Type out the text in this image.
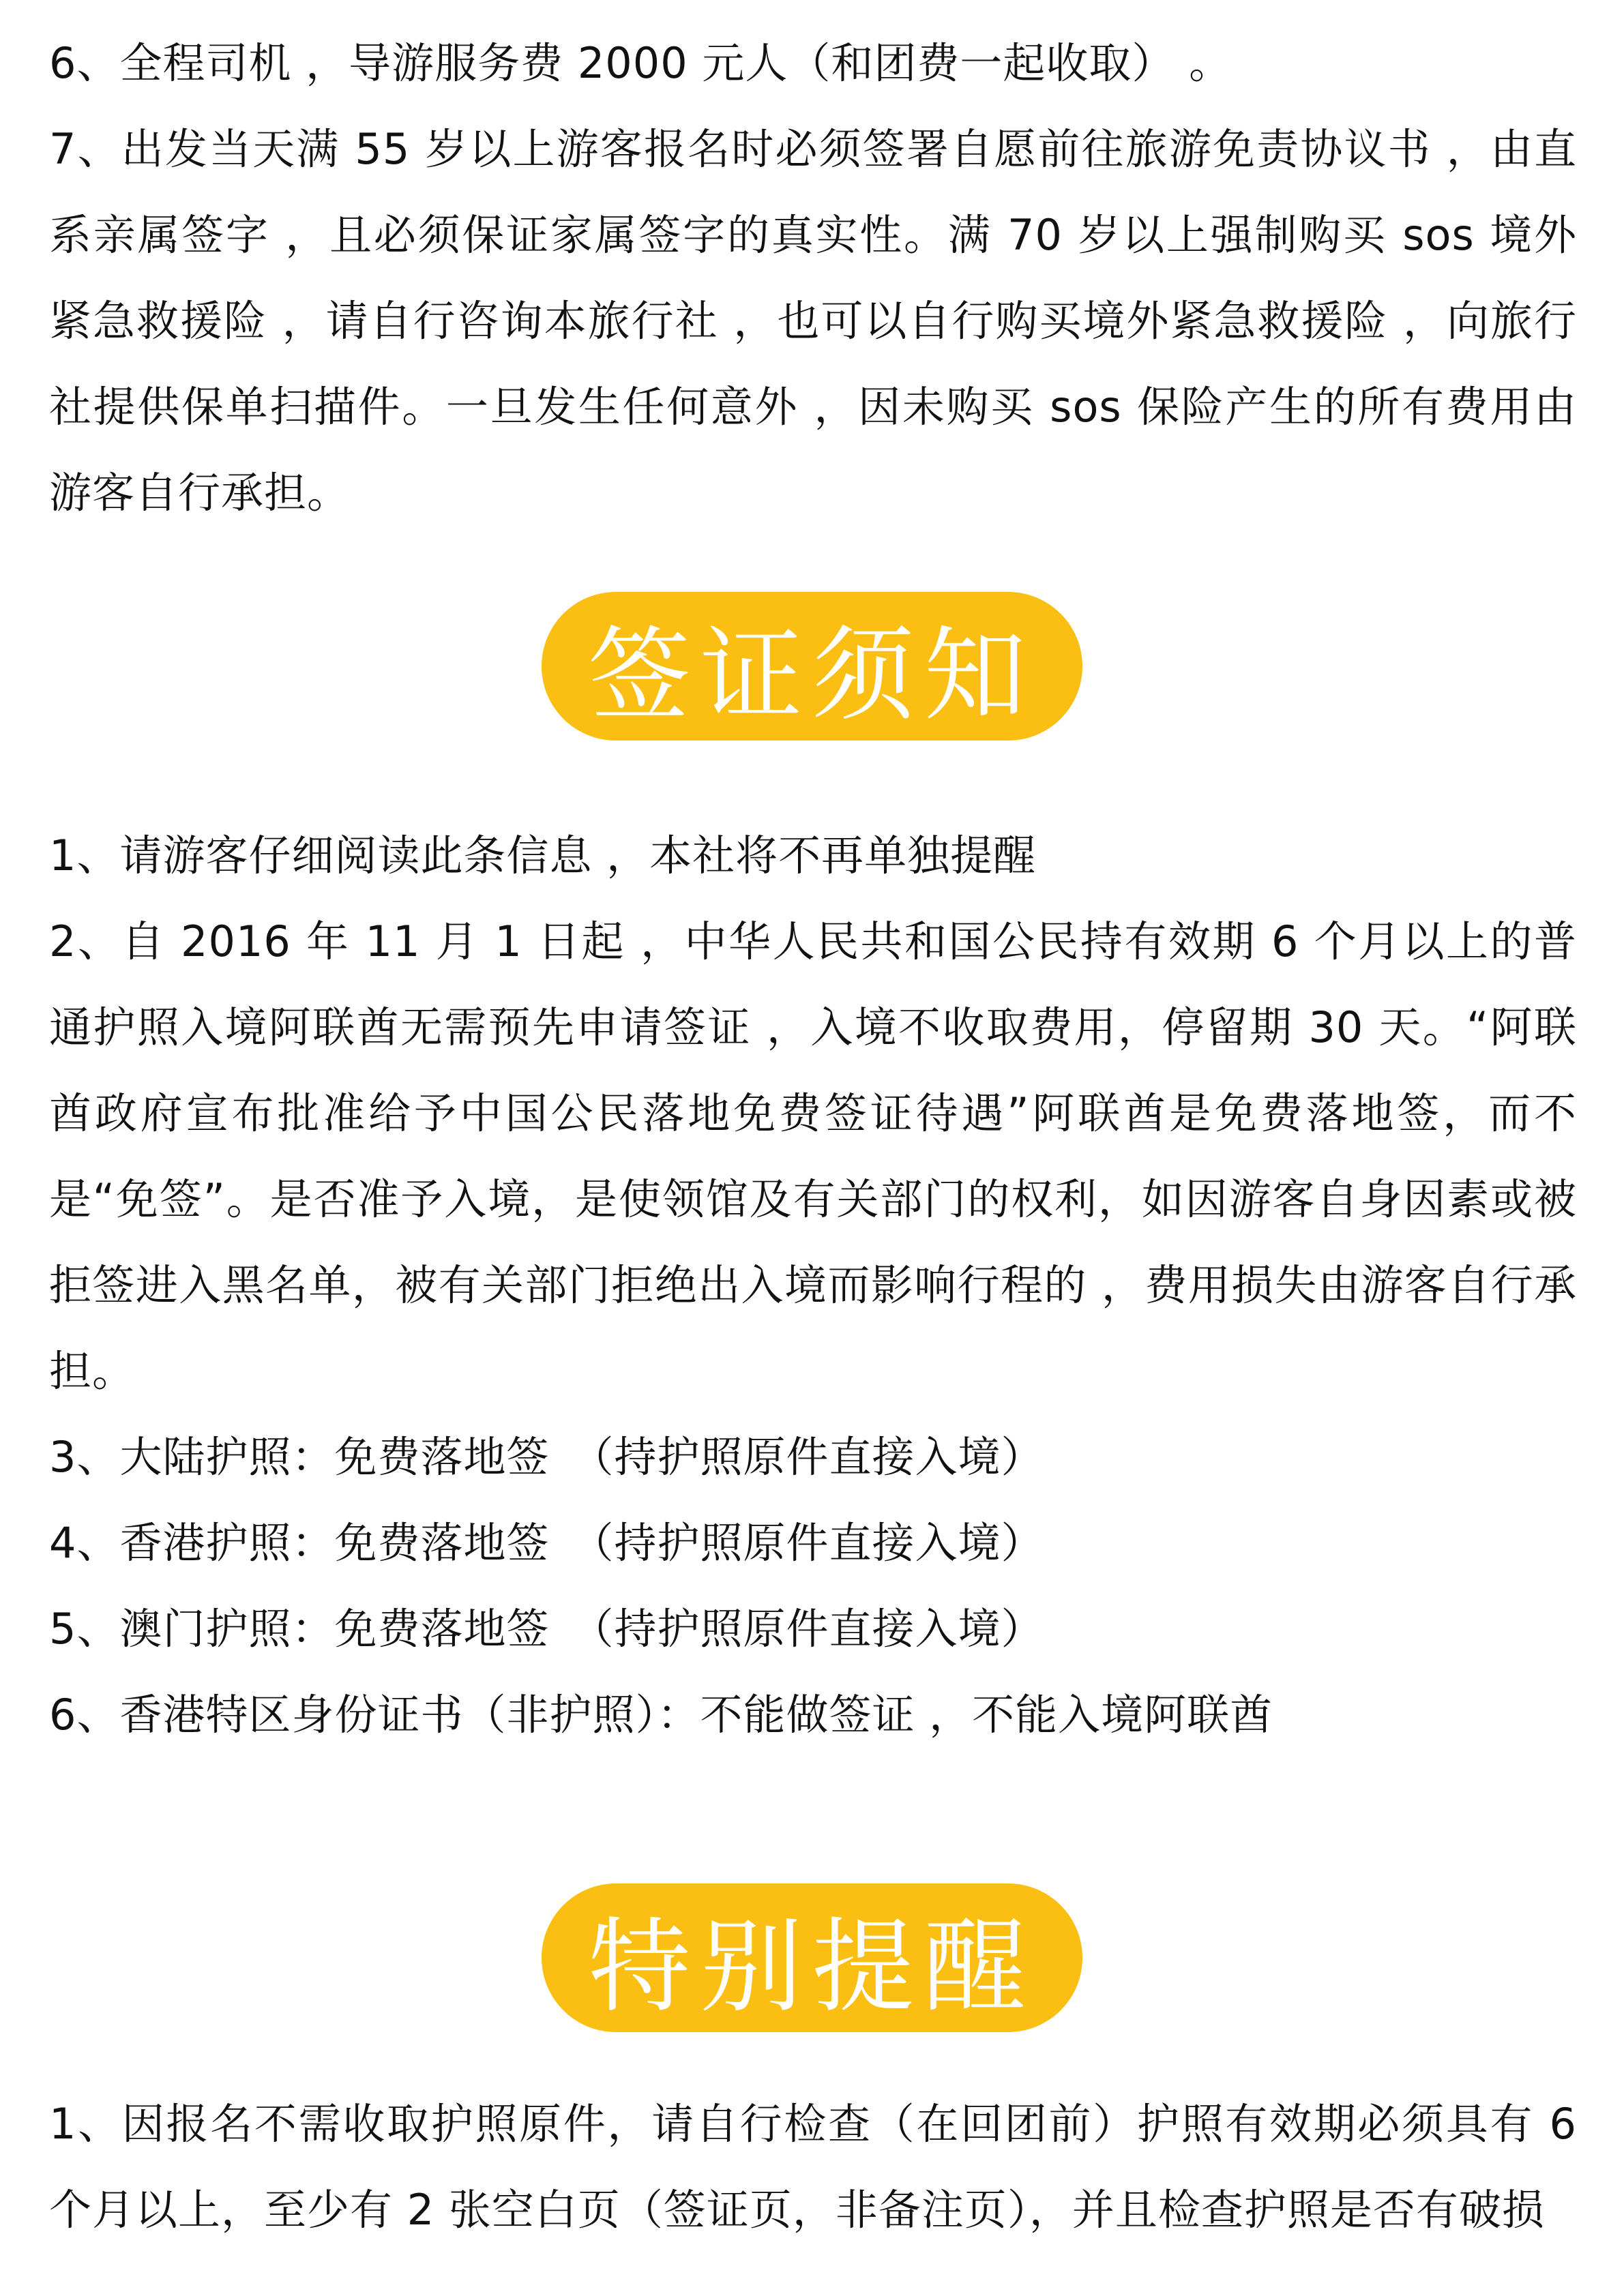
6、全程司机 ，导游服务费 2000 元人（和团费一起收取） 。

7、出发当天满 55 岁以上游客报名时必须签署自愿前往旅游免责协议书 ，由直系亲属签字 ，且必须保证家属签字的真实性。满 70 岁以上强制购买 sos 境外紧急救援险 ，请自行咨询本旅行社 ，也可以自行购买境外紧急救援险 ，向旅行社提供保单扫描件。一旦发生任何意外 ，因未购买 sos 保险产生的所有费用由游客自行承担。

签证须知

1、请游客仔细阅读此条信息 ，本社将不再单独提醒

2、自 2016 年 11 月 1 日起 ，中华人民共和国公民持有效期 6 个月以上的普通护照入境阿联酋无需预先申请签证 ，入境不收取费用，停留期 30 天。“阿联酋政府宣布批准给予中国公民落地免费签证待遇”阿联酋是免费落地签，而不是“免签”。是否准予入境，是使领馆及有关部门的权利，如因游客自身因素或被拒签进入黑名单，被有关部门拒绝出入境而影响行程的 ，费用损失由游客自行承担。

3、大陆护照：免费落地签　（持护照原件直接入境）

4、香港护照：免费落地签　（持护照原件直接入境）

5、澳门护照：免费落地签　（持护照原件直接入境）

6、香港特区身份证书（非护照）：不能做签证 ，不能入境阿联酋

特别提醒

1、因报名不需收取护照原件，请自行检查（在回团前）护照有效期必须具有 6 个月以上，至少有 2 张空白页（签证页，非备注页），并且检查护照是否有破损
